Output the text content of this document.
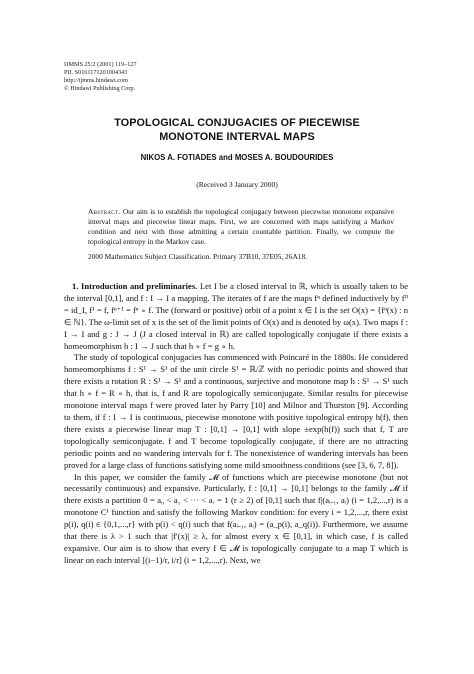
IJMMS 25:2 (2001) 119–127
PII. S0161171201004343
http://ijmms.hindawi.com
© Hindawi Publishing Corp.
TOPOLOGICAL CONJUGACIES OF PIECEWISE
MONOTONE INTERVAL MAPS
NIKOS A. FOTIADES and MOSES A. BOUDOURIDES
(Received 3 January 2000)
Abstract. Our aim is to establish the topological conjugacy between piecewise monotone expansive interval maps and piecewise linear maps. First, we are concerned with maps satisfying a Markov condition and next with those admitting a certain countable partition. Finally, we compute the topological entropy in the Markov case.
2000 Mathematics Subject Classification. Primary 37B10, 37E05, 26A18.

1. Introduction and preliminaries. Let I be a closed interval in ℝ, which is usually taken to be the interval [0,1], and f : I → I a mapping. The iterates of f are the maps fⁿ defined inductively by f⁰ = id_I, f¹ = f, fⁿ⁺¹ = fⁿ ∘ f. The (forward or positive) orbit of a point x ∈ I is the set O(x) = {fⁿ(x) : n ∈ ℕ}. The ω-limit set of x is the set of the limit points of O(x) and is denoted by ω(x). Two maps f : I → I and g : J → J (J a closed interval in ℝ) are called topologically conjugate if there exists a homeomorphism h : I → J such that h ∘ f = g ∘ h.

The study of topological conjugacies has commenced with Poincaré in the 1880s. He considered homeomorphisms f : S¹ → S¹ of the unit circle S¹ = ℝ/ℤ with no periodic points and showed that there exists a rotation R : S¹ → S¹ and a continuous, surjective and monotone map h : S¹ → S¹ such that h ∘ f = R ∘ h, that is, f and R are topologically semiconjugate. Similar results for piecewise monotone interval maps f were proved later by Parry [10] and Milnor and Thurston [9]. According to them, if f : I → I is continuous, piecewise monotone with positive topological entropy h(f), then there exists a piecewise linear map T : [0,1] → [0,1] with slope ±exp(h(f)) such that f, T are topologically semiconjugate. f and T become topologically conjugate, if there are no attracting periodic points and no wandering intervals for f. The nonexistence of wandering intervals has been proved for a large class of functions satisfying some mild smoothness conditions (see [3, 6, 7, 8]).

In this paper, we consider the family 𝓜 of functions which are piecewise monotone (but not necessarily continuous) and expansive. Particularly, f : [0,1] → [0,1] belongs to the family 𝓜 if there exists a partition 0 = a₀ < a₁ < ··· < aᵣ = 1 (r ≥ 2) of [0,1] such that f|(aᵢ₋₁, aᵢ) (i = 1,2,...,r) is a monotone C¹ function and satisfy the following Markov condition: for every i = 1,2,...,r, there exist p(i), q(i) ∈ {0,1,...,r} with p(i) < q(i) such that f(aᵢ₋₁, aᵢ) = (a_p(i), a_q(i)). Furthermore, we assume that there is λ > 1 such that |f′(x)| ≥ λ, for almost every x ∈ [0,1], in which case, f is called expansive. Our aim is to show that every f ∈ 𝓜 is topologically conjugate to a map T which is linear on each interval [(i−1)/r, i/r] (i = 1,2,...,r). Next, we
